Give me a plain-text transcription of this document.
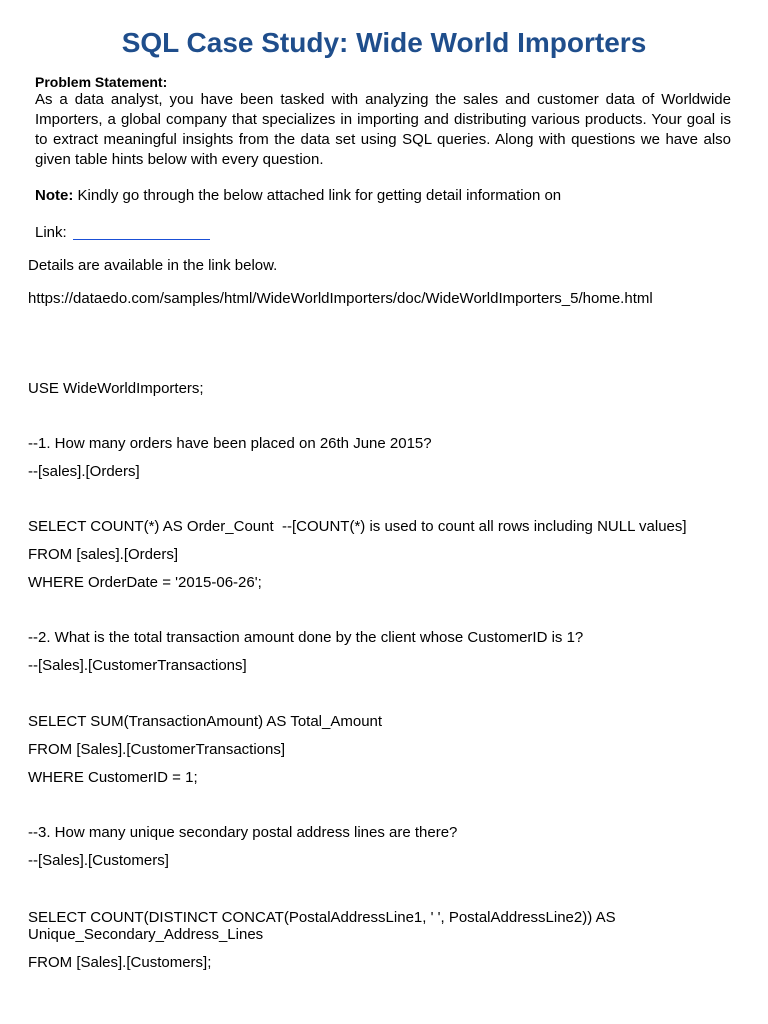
SQL Case Study: Wide World Importers
Problem Statement:
As a data analyst, you have been tasked with analyzing the sales and customer data of Worldwide Importers, a global company that specializes in importing and distributing various products. Your goal is to extract meaningful insights from the data set using SQL queries. Along with questions we have also given table hints below with every question.
Note: Kindly go through the below attached link for getting detail information on
Link:
Details are available in the link below.
https://dataedo.com/samples/html/WideWorldImporters/doc/WideWorldImporters_5/home.html
USE WideWorldImporters;
--1. How many orders have been placed on 26th June 2015?
--[sales].[Orders]
SELECT COUNT(*) AS Order_Count  --[COUNT(*) is used to count all rows including NULL values]
FROM [sales].[Orders]
WHERE OrderDate = '2015-06-26';
--2. What is the total transaction amount done by the client whose CustomerID is 1?
--[Sales].[CustomerTransactions]
SELECT SUM(TransactionAmount) AS Total_Amount
FROM [Sales].[CustomerTransactions]
WHERE CustomerID = 1;
--3. How many unique secondary postal address lines are there?
--[Sales].[Customers]
SELECT COUNT(DISTINCT CONCAT(PostalAddressLine1, ' ', PostalAddressLine2)) AS Unique_Secondary_Address_Lines
FROM [Sales].[Customers];
